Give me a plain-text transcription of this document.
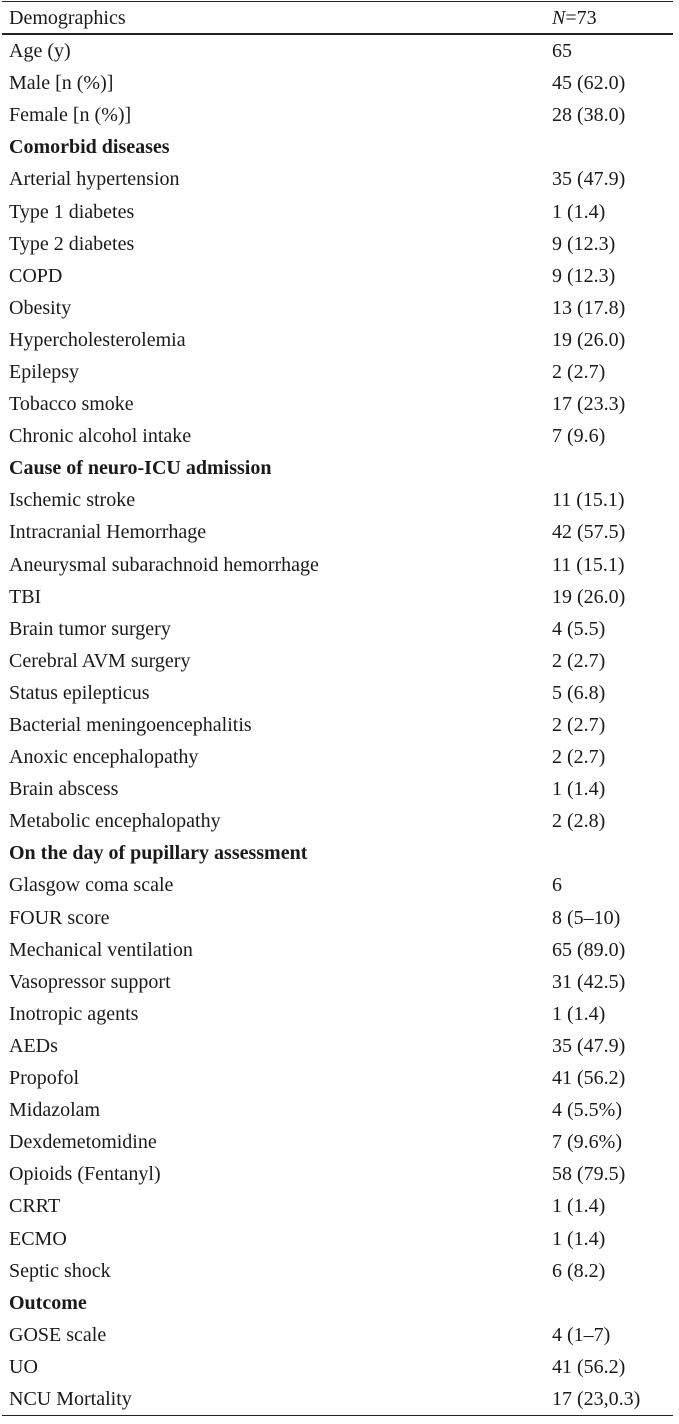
Demographics	N=73
Age (y)	65
Male [n (%)]	45 (62.0)
Female [n (%)]	28 (38.0)
Comorbid diseases
Arterial hypertension	35 (47.9)
Type 1 diabetes	1 (1.4)
Type 2 diabetes	9 (12.3)
COPD	9 (12.3)
Obesity	13 (17.8)
Hypercholesterolemia	19 (26.0)
Epilepsy	2 (2.7)
Tobacco smoke	17 (23.3)
Chronic alcohol intake	7 (9.6)
Cause of neuro-ICU admission
Ischemic stroke	11 (15.1)
Intracranial Hemorrhage	42 (57.5)
Aneurysmal subarachnoid hemorrhage	11 (15.1)
TBI	19 (26.0)
Brain tumor surgery	4 (5.5)
Cerebral AVM surgery	2 (2.7)
Status epilepticus	5 (6.8)
Bacterial meningoencephalitis	2 (2.7)
Anoxic encephalopathy	2 (2.7)
Brain abscess	1 (1.4)
Metabolic encephalopathy	2 (2.8)
On the day of pupillary assessment
Glasgow coma scale	6
FOUR score	8 (5–10)
Mechanical ventilation	65 (89.0)
Vasopressor support	31 (42.5)
Inotropic agents	1 (1.4)
AEDs	35 (47.9)
Propofol	41 (56.2)
Midazolam	4 (5.5%)
Dexdemetomidine	7 (9.6%)
Opioids (Fentanyl)	58 (79.5)
CRRT	1 (1.4)
ECMO	1 (1.4)
Septic shock	6 (8.2)
Outcome
GOSE scale	4 (1–7)
UO	41 (56.2)
NCU Mortality	17 (23,0.3)
